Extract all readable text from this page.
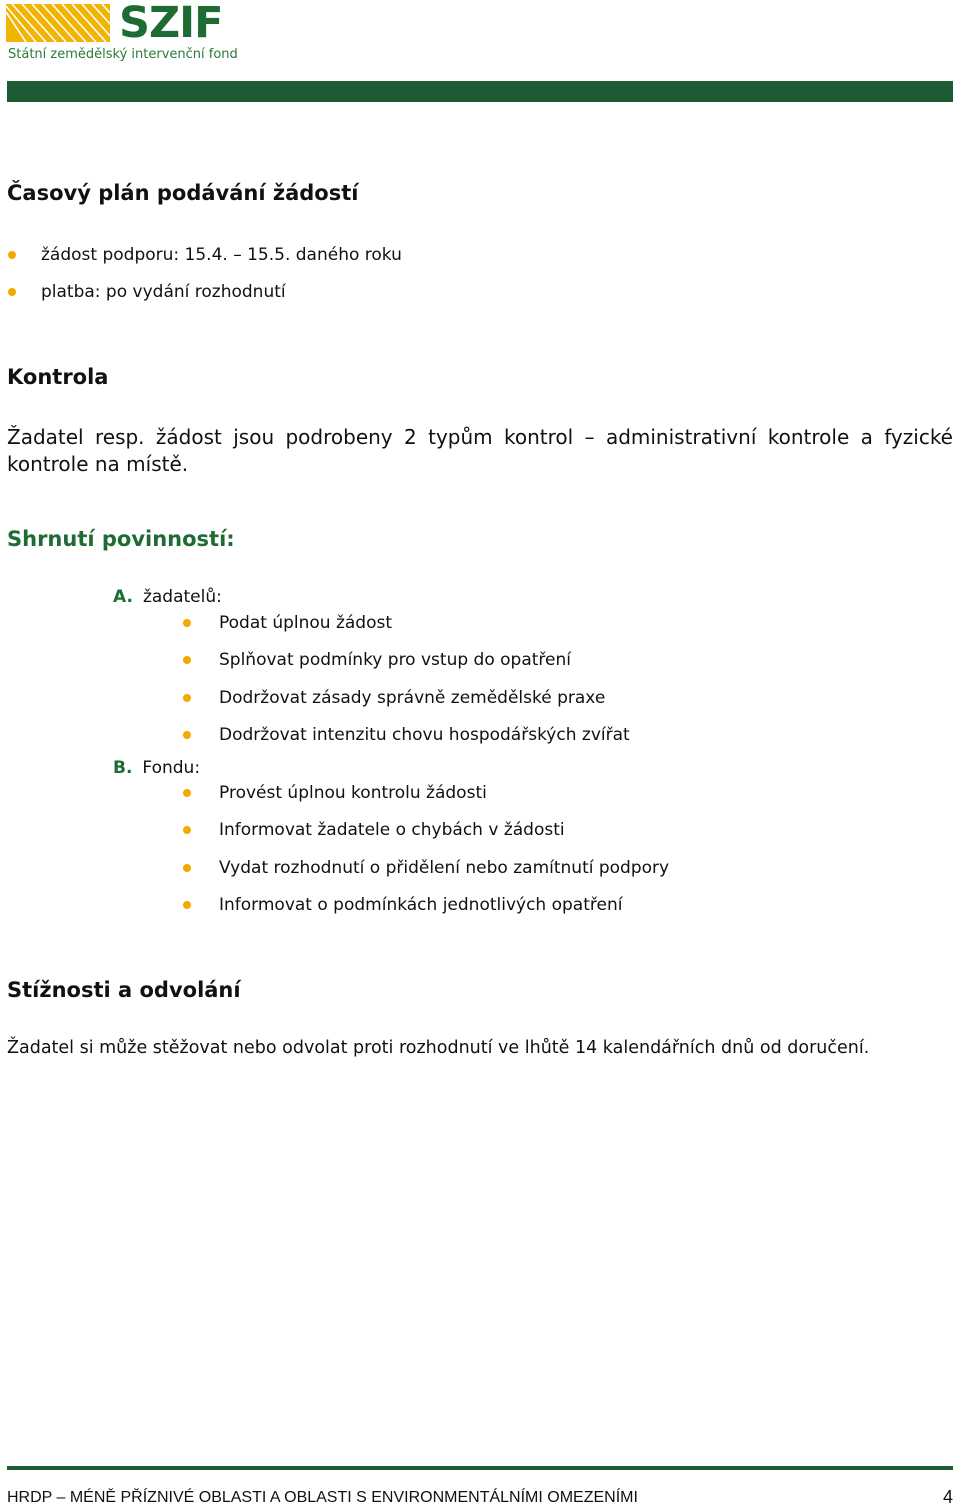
SZIF
Státní zemědělský intervenční fond
Časový plán podávání žádostí
žádost podporu: 15.4. – 15.5. daného roku
platba: po vydání rozhodnutí
Kontrola

Žadatel resp. žádost jsou podrobeny 2 typům kontrol – administrativní kontrole a fyzické kontrole na místě.

Shrnutí povinností:
A. žadatelů:
Podat úplnou žádost
Splňovat podmínky pro vstup do opatření
Dodržovat zásady správně zemědělské praxe
Dodržovat intenzitu chovu hospodářských zvířat
B. Fondu:
Provést úplnou kontrolu žádosti
Informovat žadatele o chybách v žádosti
Vydat rozhodnutí o přidělení nebo zamítnutí podpory
Informovat o podmínkách jednotlivých opatření
Stížnosti a odvolání

Žadatel si může stěžovat nebo odvolat proti rozhodnutí ve lhůtě 14 kalendářních dnů od doručení.

HRDP – MÉNĚ PŘÍZNIVÉ OBLASTI A OBLASTI S ENVIRONMENTÁLNÍMI OMEZENÍMI	4
